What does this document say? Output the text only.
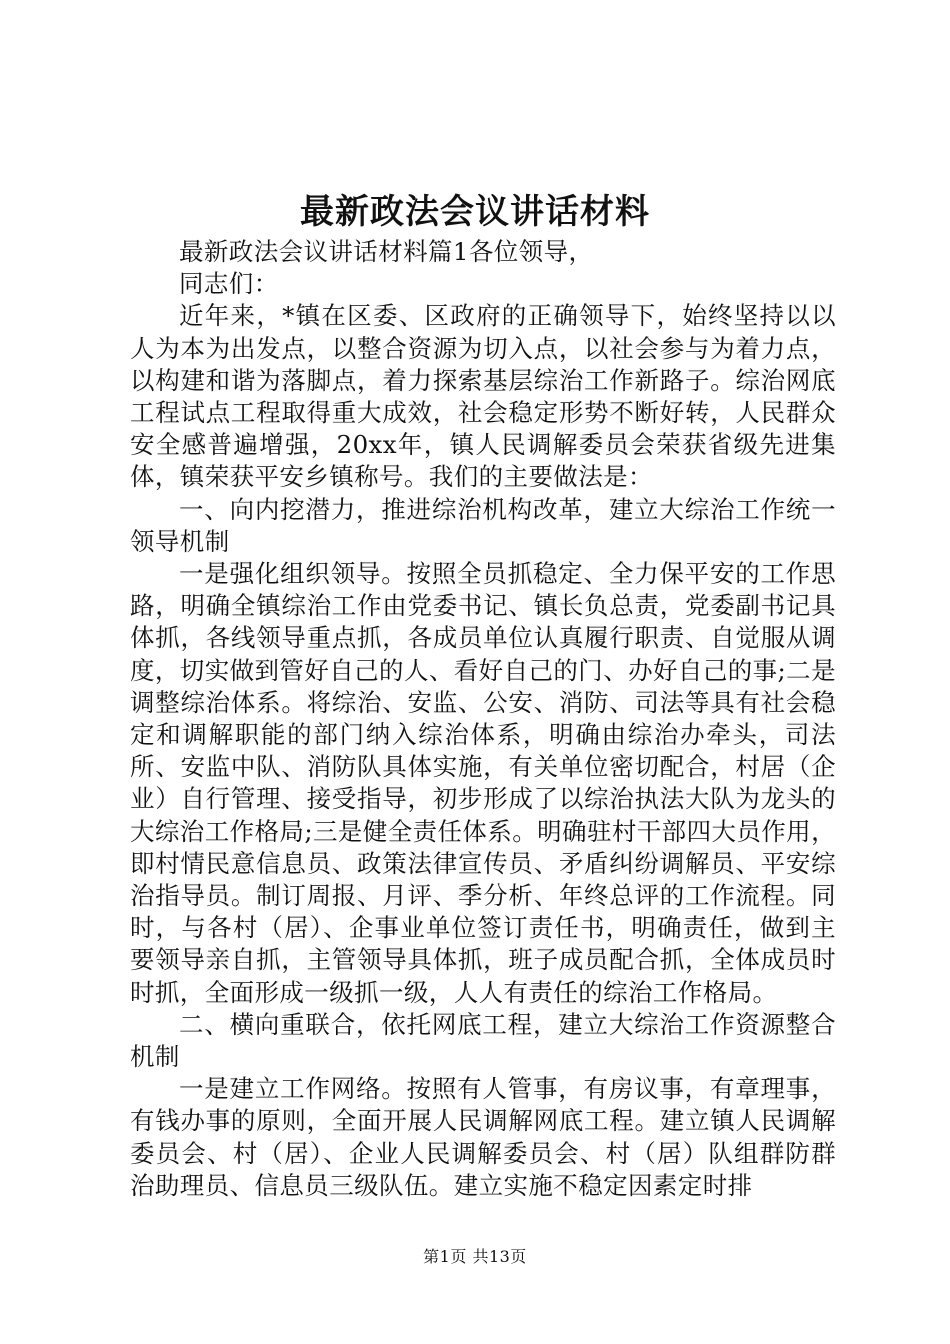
最新政法会议讲话材料

最新政法会议讲话材料篇1各位领导，

同志们：

近年来，*镇在区委、区政府的正确领导下，始终坚持以以人为本为出发点，以整合资源为切入点，以社会参与为着力点，以构建和谐为落脚点，着力探索基层综治工作新路子。综治网底工程试点工程取得重大成效，社会稳定形势不断好转，人民群众安全感普遍增强，20xx年，镇人民调解委员会荣获省级先进集体，镇荣获平安乡镇称号。我们的主要做法是：

一、向内挖潜力，推进综治机构改革，建立大综治工作统一领导机制

一是强化组织领导。按照全员抓稳定、全力保平安的工作思路，明确全镇综治工作由党委书记、镇长负总责，党委副书记具体抓，各线领导重点抓，各成员单位认真履行职责、自觉服从调度，切实做到管好自己的人、看好自己的门、办好自己的事;二是调整综治体系。将综治、安监、公安、消防、司法等具有社会稳定和调解职能的部门纳入综治体系，明确由综治办牵头，司法所、安监中队、消防队具体实施，有关单位密切配合，村居（企业）自行管理、接受指导，初步形成了以综治执法大队为龙头的大综治工作格局;三是健全责任体系。明确驻村干部四大员作用，即村情民意信息员、政策法律宣传员、矛盾纠纷调解员、平安综治指导员。制订周报、月评、季分析、年终总评的工作流程。同时，与各村（居）、企事业单位签订责任书，明确责任，做到主要领导亲自抓，主管领导具体抓，班子成员配合抓，全体成员时时抓，全面形成一级抓一级，人人有责任的综治工作格局。

二、横向重联合，依托网底工程，建立大综治工作资源整合机制

一是建立工作网络。按照有人管事，有房议事，有章理事，有钱办事的原则，全面开展人民调解网底工程。建立镇人民调解委员会、村（居）、企业人民调解委员会、村（居）队组群防群治助理员、信息员三级队伍。建立实施不稳定因素定时排

第1页 共13页
